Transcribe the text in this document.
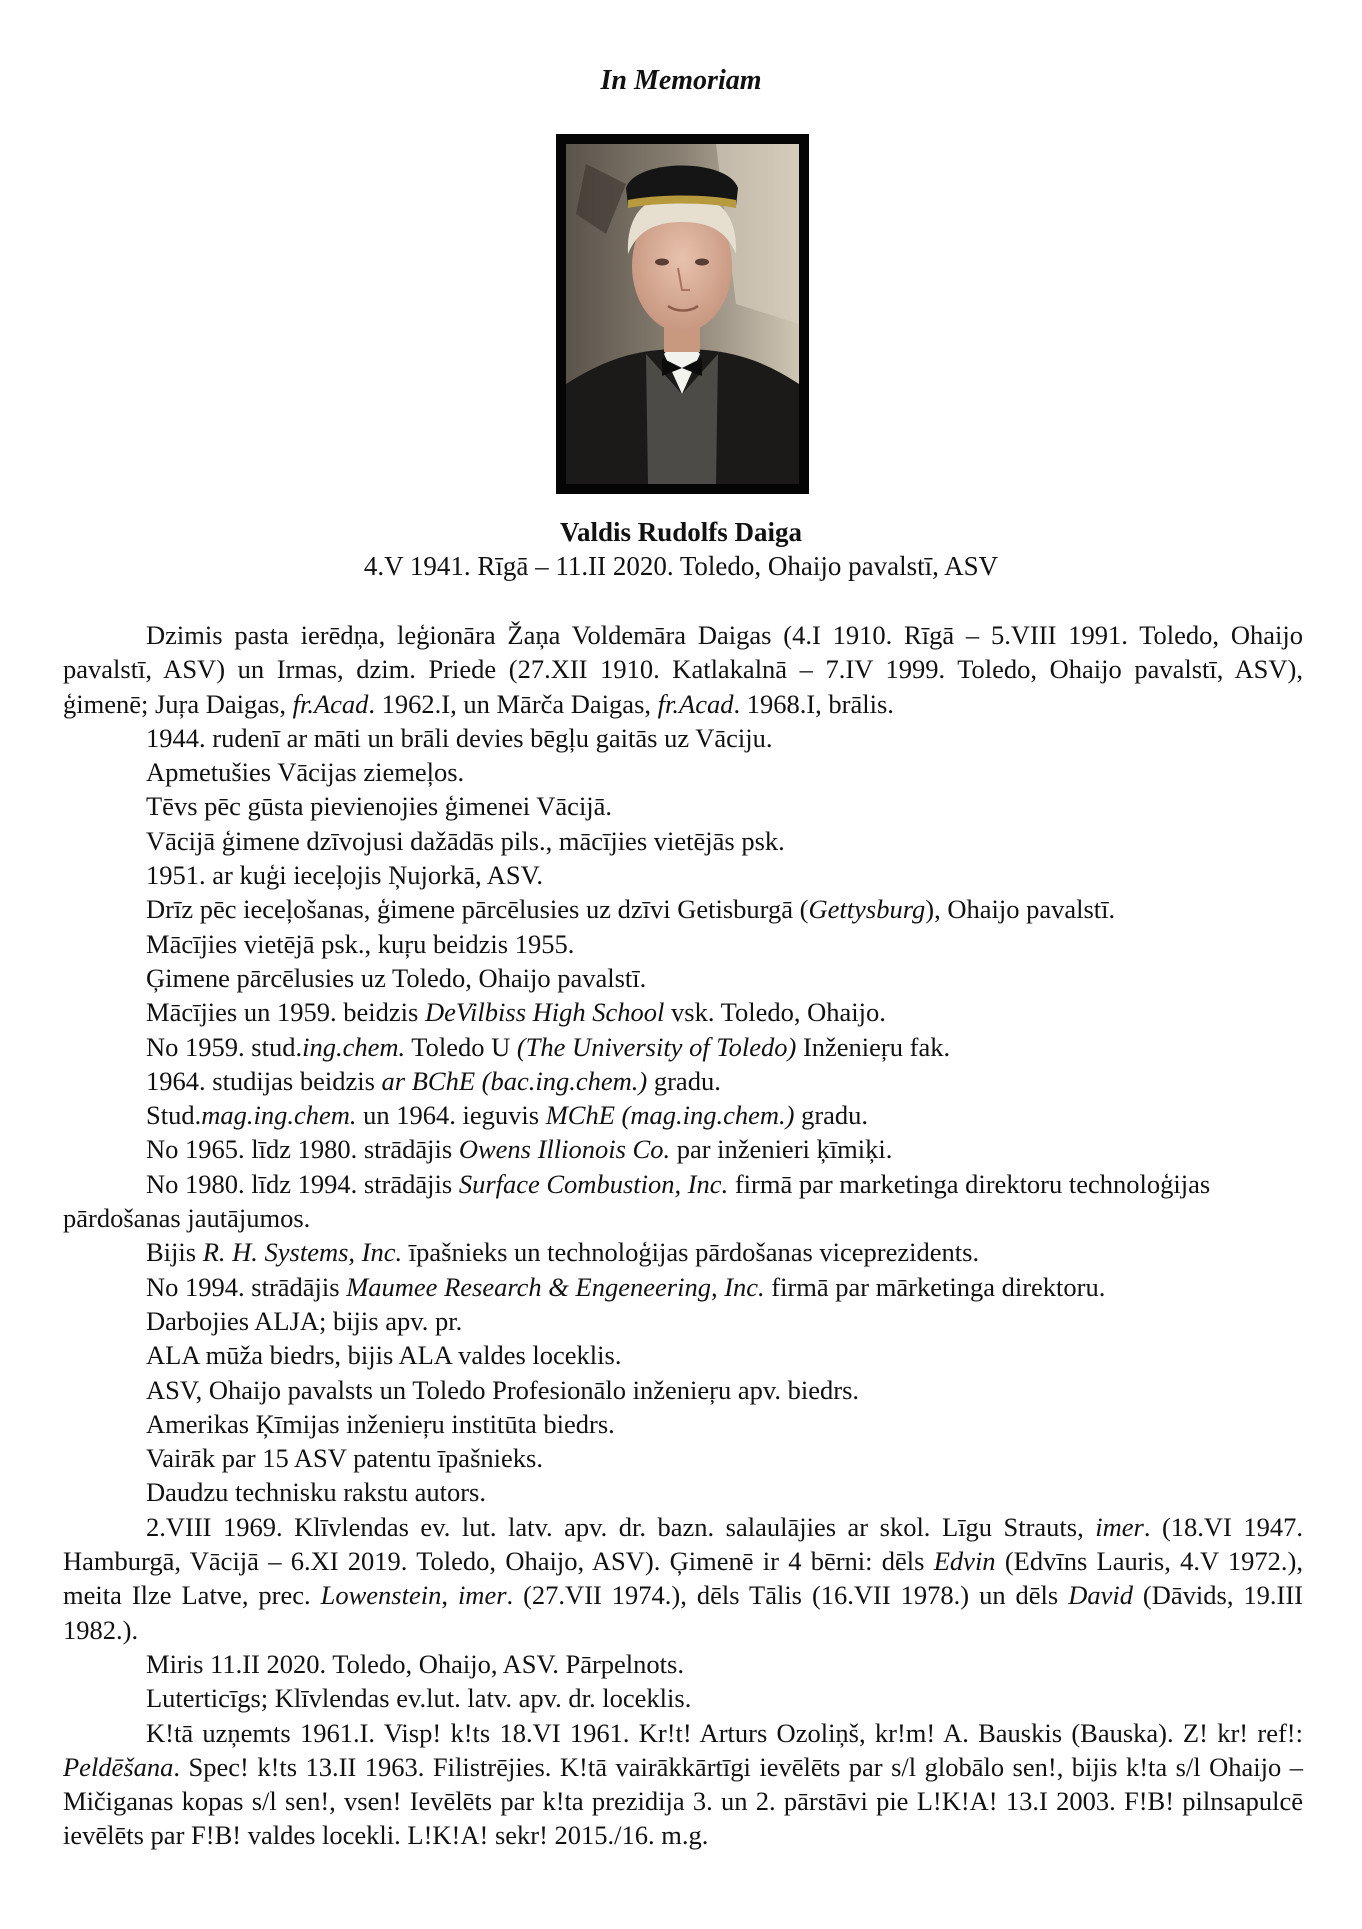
In Memoriam
Valdis Rudolfs Daiga
4.V 1941. Rīgā – 11.II 2020. Toledo, Ohaijo pavalstī, ASV

Dzimis pasta ierēdņa, leģionāra Žaņa Voldemāra Daigas (4.I 1910. Rīgā – 5.VIII 1991. Toledo, Ohaijo pavalstī, ASV) un Irmas, dzim. Priede (27.XII 1910. Katlakalnā – 7.IV 1999. Toledo, Ohaijo pavalstī, ASV), ģimenē; Juŗa Daigas, fr.Acad. 1962.I, un Mārča Daigas, fr.Acad. 1968.I, brālis.

1944. rudenī ar māti un brāli devies bēgļu gaitās uz Vāciju.

Apmetušies Vācijas ziemeļos.

Tēvs pēc gūsta pievienojies ģimenei Vācijā.

Vācijā ģimene dzīvojusi dažādās pils., mācījies vietējās psk.

1951. ar kuģi ieceļojis Ņujorkā, ASV.

Drīz pēc ieceļošanas, ģimene pārcēlusies uz dzīvi Getisburgā (Gettysburg), Ohaijo pavalstī.

Mācījies vietējā psk., kuŗu beidzis 1955.

Ģimene pārcēlusies uz Toledo, Ohaijo pavalstī.

Mācījies un 1959. beidzis DeVilbiss High School vsk. Toledo, Ohaijo.

No 1959. stud.ing.chem. Toledo U (The University of Toledo) Inženieŗu fak.

1964. studijas beidzis ar BChE (bac.ing.chem.) gradu.

Stud.mag.ing.chem. un 1964. ieguvis MChE (mag.ing.chem.) gradu.

No 1965. līdz 1980. strādājis Owens Illionois Co. par inženieri ķīmiķi.

No 1980. līdz 1994. strādājis Surface Combustion, Inc. firmā par marketinga direktoru technoloģijas pārdošanas jautājumos.

Bijis R. H. Systems, Inc. īpašnieks un technoloģijas pārdošanas viceprezidents.

No 1994. strādājis Maumee Research & Engeneering, Inc. firmā par mārketinga direktoru.

Darbojies ALJA; bijis apv. pr.

ALA mūža biedrs, bijis ALA valdes loceklis.

ASV, Ohaijo pavalsts un Toledo Profesionālo inženieŗu apv. biedrs.

Amerikas Ķīmijas inženieŗu institūta biedrs.

Vairāk par 15 ASV patentu īpašnieks.

Daudzu technisku rakstu autors.

2.VIII 1969. Klīvlendas ev. lut. latv. apv. dr. bazn. salaulājies ar skol. Līgu Strauts, imer. (18.VI 1947. Hamburgā, Vācijā – 6.XI 2019. Toledo, Ohaijo, ASV). Ģimenē ir 4 bērni: dēls Edvin (Edvīns Lauris, 4.V 1972.), meita Ilze Latve, prec. Lowenstein, imer. (27.VII 1974.), dēls Tālis (16.VII 1978.) un dēls David (Dāvids, 19.III 1982.).

Miris 11.II 2020. Toledo, Ohaijo, ASV. Pārpelnots.

Luterticīgs; Klīvlendas ev.lut. latv. apv. dr. loceklis.

K!tā uzņemts 1961.I. Visp! k!ts 18.VI 1961. Kr!t! Arturs Ozoliņš, kr!m! A. Bauskis (Bauska). Z! kr! ref!: Peldēšana. Spec! k!ts 13.II 1963. Filistrējies. K!tā vairākkārtīgi ievēlēts par s/l globālo sen!, bijis k!ta s/l Ohaijo – Mičiganas kopas s/l sen!, vsen! Ievēlēts par k!ta prezidija 3. un 2. pārstāvi pie L!K!A! 13.I 2003. F!B! pilnsapulcē ievēlēts par F!B! valdes locekli. L!K!A! sekr! 2015./16. m.g.
